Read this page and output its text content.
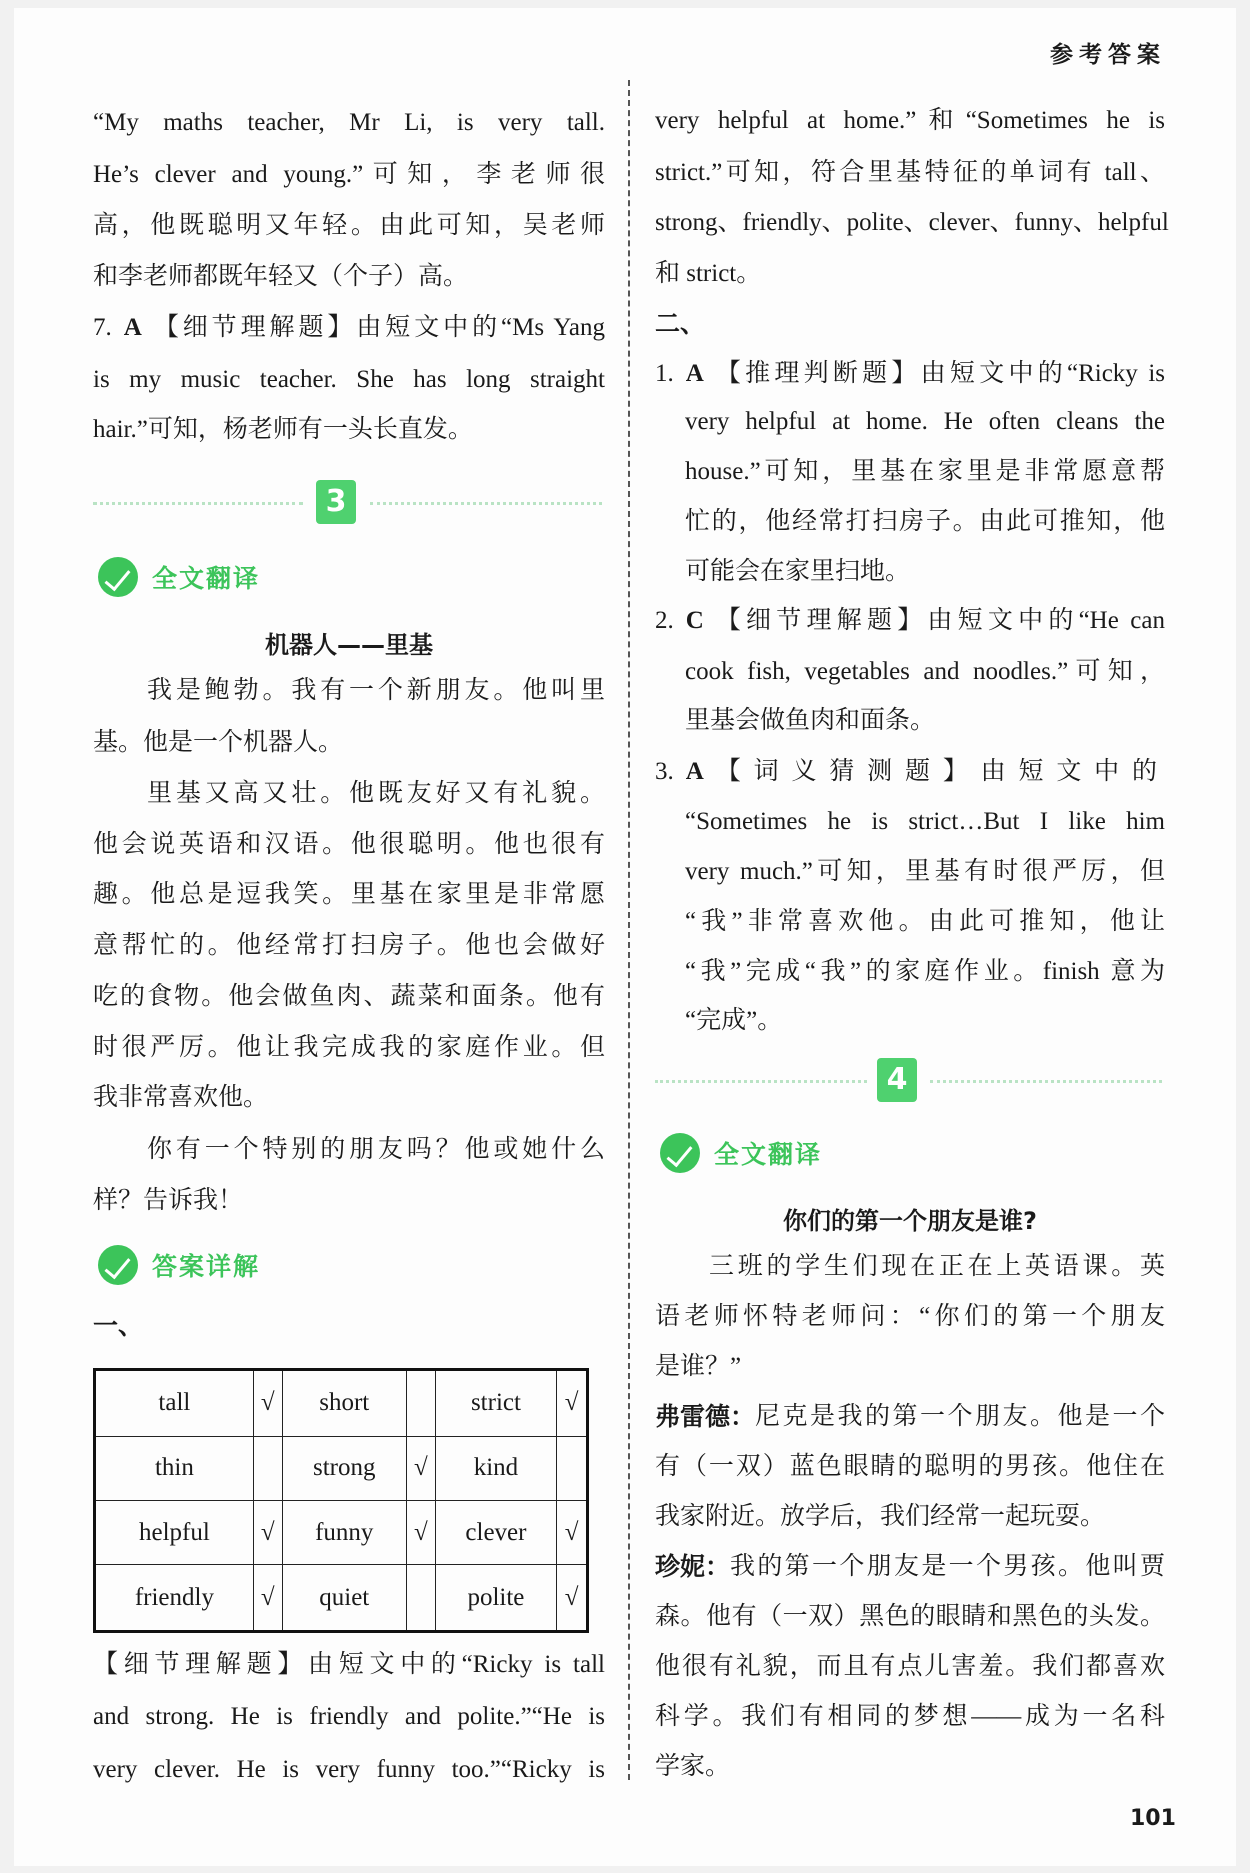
参考答案
“My maths teacher, Mr Li, is very tall.
He’s clever and young.”可知，李老师很
高，他既聪明又年轻。由此可知，吴老师
和李老师都既年轻又（个子）高。
7. A 【细节理解题】由短文中的“Ms Yang
is my music teacher. She has long straight
hair.”可知，杨老师有一头长直发。
3
全文翻译
机器人——里基
我是鲍勃。我有一个新朋友。他叫里
基。他是一个机器人。
里基又高又壮。他既友好又有礼貌。
他会说英语和汉语。他很聪明。他也很有
趣。他总是逗我笑。里基在家里是非常愿
意帮忙的。他经常打扫房子。他也会做好
吃的食物。他会做鱼肉、蔬菜和面条。他有
时很严厉。他让我完成我的家庭作业。但
我非常喜欢他。
你有一个特别的朋友吗？他或她什么
样？告诉我！
答案详解
一、
tall	√	short		strict	√
thin		strong	√	kind	
helpful	√	funny	√	clever	√
friendly	√	quiet		polite	√
【细节理解题】由短文中的“Ricky is tall
and strong. He is friendly and polite.”“He is
very clever. He is very funny too.”“Ricky is
very helpful at home.”和“Sometimes he is
strict.”可知，符合里基特征的单词有 tall、
strong、friendly、polite、clever、funny、helpful
和 strict。
二、
1. A 【推理判断题】由短文中的“Ricky is
very helpful at home. He often cleans the
house.”可知，里基在家里是非常愿意帮
忙的，他经常打扫房子。由此可推知，他
可能会在家里扫地。
2. C 【细节理解题】由短文中的“He can
cook fish, vegetables and noodles.”可知，
里基会做鱼肉和面条。
3. A 【词义猜测题】由短文中的
“Sometimes he is strict…But I like him
very much.”可知，里基有时很严厉，但
“我”非常喜欢他。由此可推知，他让
“我”完成“我”的家庭作业。finish 意为
“完成”。
4
全文翻译
你们的第一个朋友是谁?
三班的学生们现在正在上英语课。英
语老师怀特老师问：“你们的第一个朋友
是谁？”
弗雷德： 尼克是我的第一个朋友。他是一个
有（一双）蓝色眼睛的聪明的男孩。他住在
我家附近。放学后，我们经常一起玩耍。
珍妮： 我的第一个朋友是一个男孩。他叫贾
森。他有（一双）黑色的眼睛和黑色的头发。
他很有礼貌，而且有点儿害羞。我们都喜欢
科学。我们有相同的梦想——成为一名科
学家。
101
